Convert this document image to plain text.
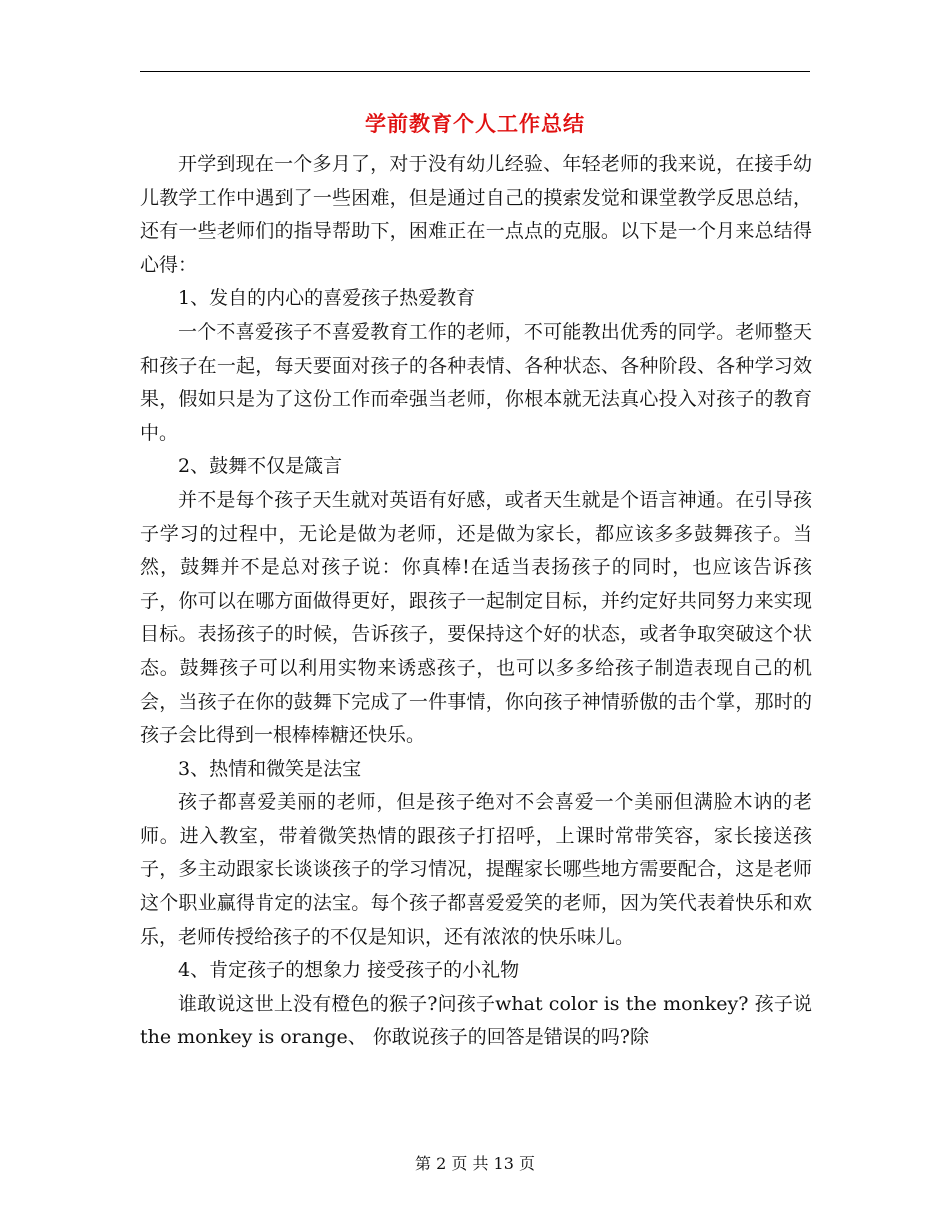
学前教育个人工作总结

开学到现在一个多月了，对于没有幼儿经验、年轻老师的我来说，在接手幼儿教学工作中遇到了一些困难，但是通过自己的摸索发觉和课堂教学反思总结，还有一些老师们的指导帮助下，困难正在一点点的克服。以下是一个月来总结得心得：

1、发自的内心的喜爱孩子热爱教育

一个不喜爱孩子不喜爱教育工作的老师，不可能教出优秀的同学。老师整天和孩子在一起，每天要面对孩子的各种表情、各种状态、各种阶段、各种学习效果，假如只是为了这份工作而牵强当老师，你根本就无法真心投入对孩子的教育中。

2、鼓舞不仅是箴言

并不是每个孩子天生就对英语有好感，或者天生就是个语言神通。在引导孩子学习的过程中，无论是做为老师，还是做为家长，都应该多多鼓舞孩子。当然，鼓舞并不是总对孩子说：你真棒!在适当表扬孩子的同时，也应该告诉孩子，你可以在哪方面做得更好，跟孩子一起制定目标，并约定好共同努力来实现目标。表扬孩子的时候，告诉孩子，要保持这个好的状态，或者争取突破这个状态。鼓舞孩子可以利用实物来诱惑孩子，也可以多多给孩子制造表现自己的机会，当孩子在你的鼓舞下完成了一件事情，你向孩子神情骄傲的击个掌，那时的孩子会比得到一根棒棒糖还快乐。

3、热情和微笑是法宝

孩子都喜爱美丽的老师，但是孩子绝对不会喜爱一个美丽但满脸木讷的老师。进入教室，带着微笑热情的跟孩子打招呼，上课时常带笑容，家长接送孩子，多主动跟家长谈谈孩子的学习情况，提醒家长哪些地方需要配合，这是老师这个职业赢得肯定的法宝。每个孩子都喜爱爱笑的老师，因为笑代表着快乐和欢乐，老师传授给孩子的不仅是知识，还有浓浓的快乐味儿。

4、肯定孩子的想象力 接受孩子的小礼物

谁敢说这世上没有橙色的猴子?问孩子what color is the monkey? 孩子说the monkey is orange、 你敢说孩子的回答是错误的吗?除

第 2 页 共 13 页
